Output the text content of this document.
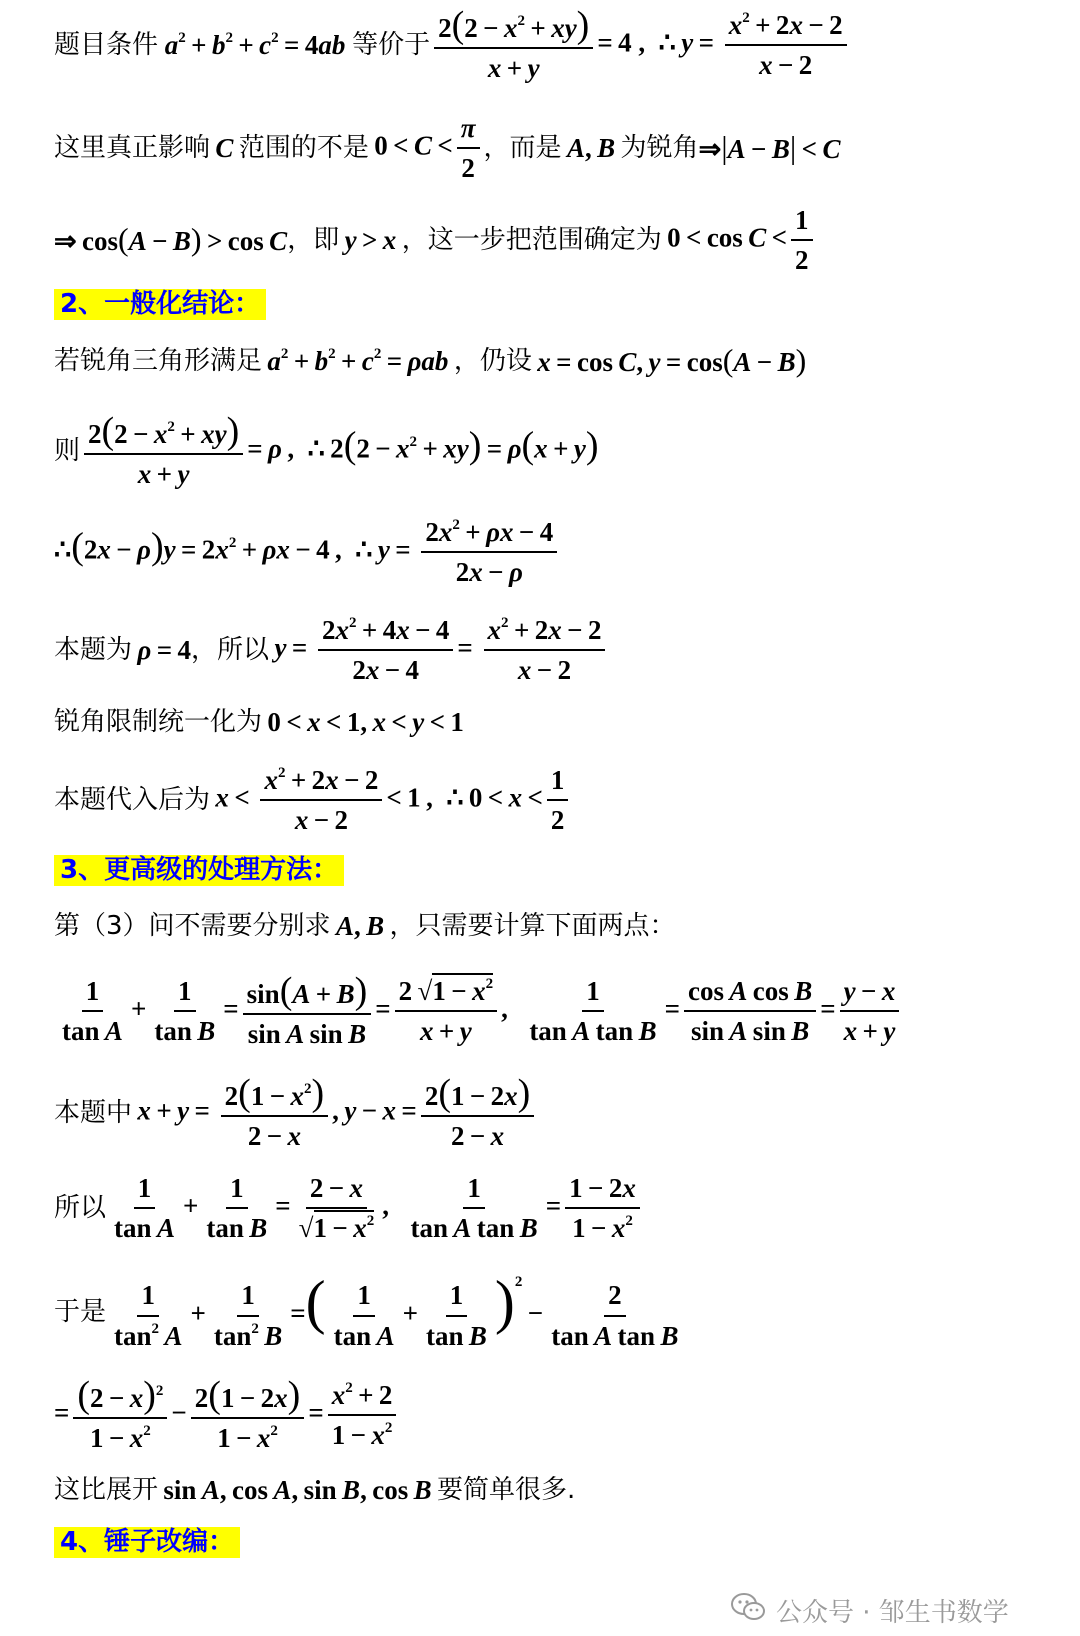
题目条件 $a^2 + b^2 + c^2 = 4ab$ 等价于 $\frac{2(2 - x^2 + xy)}{x + y} = 4$ ,  ∴ $y = \frac{x^2 + 2x - 2}{x - 2}$
这里真正影响  C  范围的不是  $0 < C < \frac{\pi}{2}$ ，而是
  A, B  为锐角 ⇒|A − B| < C
⇒ cos(A − B) > cos C ，即
  y > x  ，这一步把范围确定为  $0 < \cos C < \frac{1}{2}$
2、一般化结论：
若锐角三角形满足
  $a^2 + b^2 + c^2 = \rho ab$  ，仍设
  x = cos C, y = cos(A − B)
则 $\frac{2(2 - x^2 + xy)}{x + y} = \rho$ ,  ∴ $2(2 - x^2 + xy) = \rho(x + y)$
∴(2x − $\rho)y = 2x^2 + \rho x - 4$ ,  ∴ $y = \frac{2x^2 + \rho x - 4}{2x - \rho}$
本题为
  ρ = 4 ，所以
  $y = \frac{2x^2 + 4x - 4}{2x - 4} = \frac{x^2 + 2x - 2}{x - 2}$
锐角限制统一化为  0 < x < 1, x < y < 1
本题代入后为
  $x < \frac{x^2 + 2x - 2}{x - 2} < 1$ ,  ∴ $0 < x < \frac{1}{2}$
3、更高级的处理方法：
第（3）问不需要分别求
  A, B  ，只需要计算下面两点：
$\frac{1}{\text{tan A}} + \frac{1}{\text{tan B}} = \frac{\sin(A + B)}{\text{sin A sin B}} = \frac{2 √1 - x^2}{x + y}$ , $\frac{1}{\text{tan A tan B}} = \frac{\text{cos A cos B}}{\text{sin A sin B}} = \frac{y - x}{x + y}$
本题中
  $x + y = \frac{2(1 - x^2)}{2 - x}$ , $y - x = \frac{2(1 - 2x)}{2 - x}$
所以 $\frac{1}{\text{tan A}} + \frac{1}{\text{tan B}} = \frac{2 - x}{√1 - x^2}$ , $\frac{1}{\text{tan A tan B}} = \frac{1 - 2x}{1 - x^2}$
于是 $\frac{1}{\tan^2 A} + \frac{1}{\tan^2 B}$ =( $\frac{1}{\text{tan A}} + \frac{1}{\text{tan B}} )^2 - \frac{2}{\text{tan A tan B}}$
= $\frac{(2 - x)^2}{1 - x^2} - \frac{2(1 - 2x)}{1 - x^2} = \frac{x^2 + 2}{1 - x^2}$
这比展开  sin A, cos A, sin B, cos B  要简单很多.
4、锤子改编：
公众号 · 邹生书数学
